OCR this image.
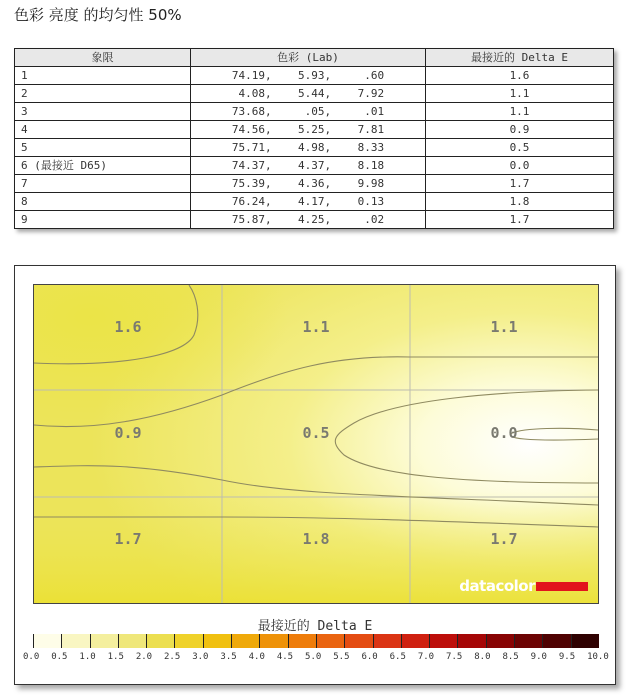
色彩 亮度 的均匀性 50%
象限	色彩 (Lab)	最接近的 Delta E
1	74.19,    5.93,     .60	1.6
2	4.08,    5.44,    7.92	1.1
3	73.68,     .05,     .01	1.1
4	74.56,    5.25,    7.81	0.9
5	75.71,    4.98,    8.33	0.5
6 (最接近 D65)	74.37,    4.37,    8.18	0.0
7	75.39,    4.36,    9.98	1.7
8	76.24,    4.17,    0.13	1.8
9	75.87,    4.25,     .02	1.7
1.6	1.1	1.1
0.9	0.5	0.0
1.7	1.8	1.7
datacolor
最接近的 Delta E
0.0 0.5 1.0 1.5 2.0 2.5 3.0 3.5 4.0 4.5 5.0 5.5 6.0 6.5 7.0 7.5 8.0 8.5 9.0 9.5 10.0
